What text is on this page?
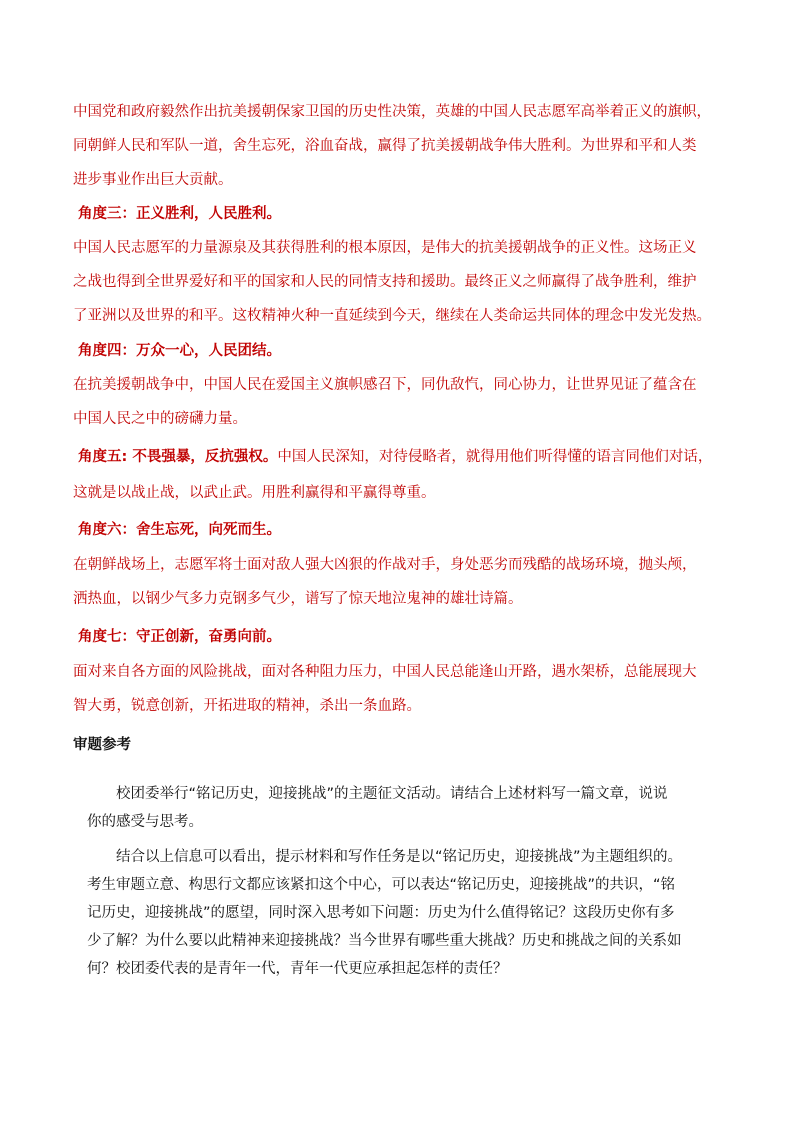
中国党和政府毅然作出抗美援朝保家卫国的历史性决策，英雄的中国人民志愿军高举着正义的旗帜，
同朝鲜人民和军队一道，舍生忘死，浴血奋战，赢得了抗美援朝战争伟大胜利。为世界和平和人类
进步事业作出巨大贡献。

角度三：正义胜利，人民胜利。

中国人民志愿军的力量源泉及其获得胜利的根本原因，是伟大的抗美援朝战争的正义性。这场正义
之战也得到全世界爱好和平的国家和人民的同情支持和援助。最终正义之师赢得了战争胜利，维护
了亚洲以及世界的和平。这枚精神火种一直延续到今天，继续在人类命运共同体的理念中发光发热。

角度四：万众一心，人民团结。

在抗美援朝战争中，中国人民在爱国主义旗帜感召下，同仇敌忾，同心协力，让世界见证了蕴含在
中国人民之中的磅礴力量。

角度五: 不畏强暴，反抗强权。中国人民深知，对待侵略者，就得用他们听得懂的语言同他们对话，

这就是以战止战，以武止武。用胜利赢得和平赢得尊重。

角度六：舍生忘死，向死而生。

在朝鲜战场上，志愿军将士面对敌人强大凶狠的作战对手，身处恶劣而残酷的战场环境，抛头颅，
洒热血，以钢少气多力克钢多气少，谱写了惊天地泣鬼神的雄壮诗篇。

角度七：守正创新，奋勇向前。

面对来自各方面的风险挑战，面对各种阻力压力，中国人民总能逢山开路，遇水架桥，总能展现大
智大勇，锐意创新，开拓进取的精神，杀出一条血路。

审题参考

校团委举行“铭记历史，迎接挑战”的主题征文活动。请结合上述材料写一篇文章，说说
你的感受与思考。

结合以上信息可以看出，提示材料和写作任务是以“铭记历史，迎接挑战”为主题组织的。
考生审题立意、构思行文都应该紧扣这个中心，可以表达“铭记历史，迎接挑战”的共识，“铭
记历史，迎接挑战”的愿望，同时深入思考如下问题：历史为什么值得铭记？这段历史你有多
少了解？为什么要以此精神来迎接挑战？当今世界有哪些重大挑战？历史和挑战之间的关系如
何？校团委代表的是青年一代，青年一代更应承担起怎样的责任？
